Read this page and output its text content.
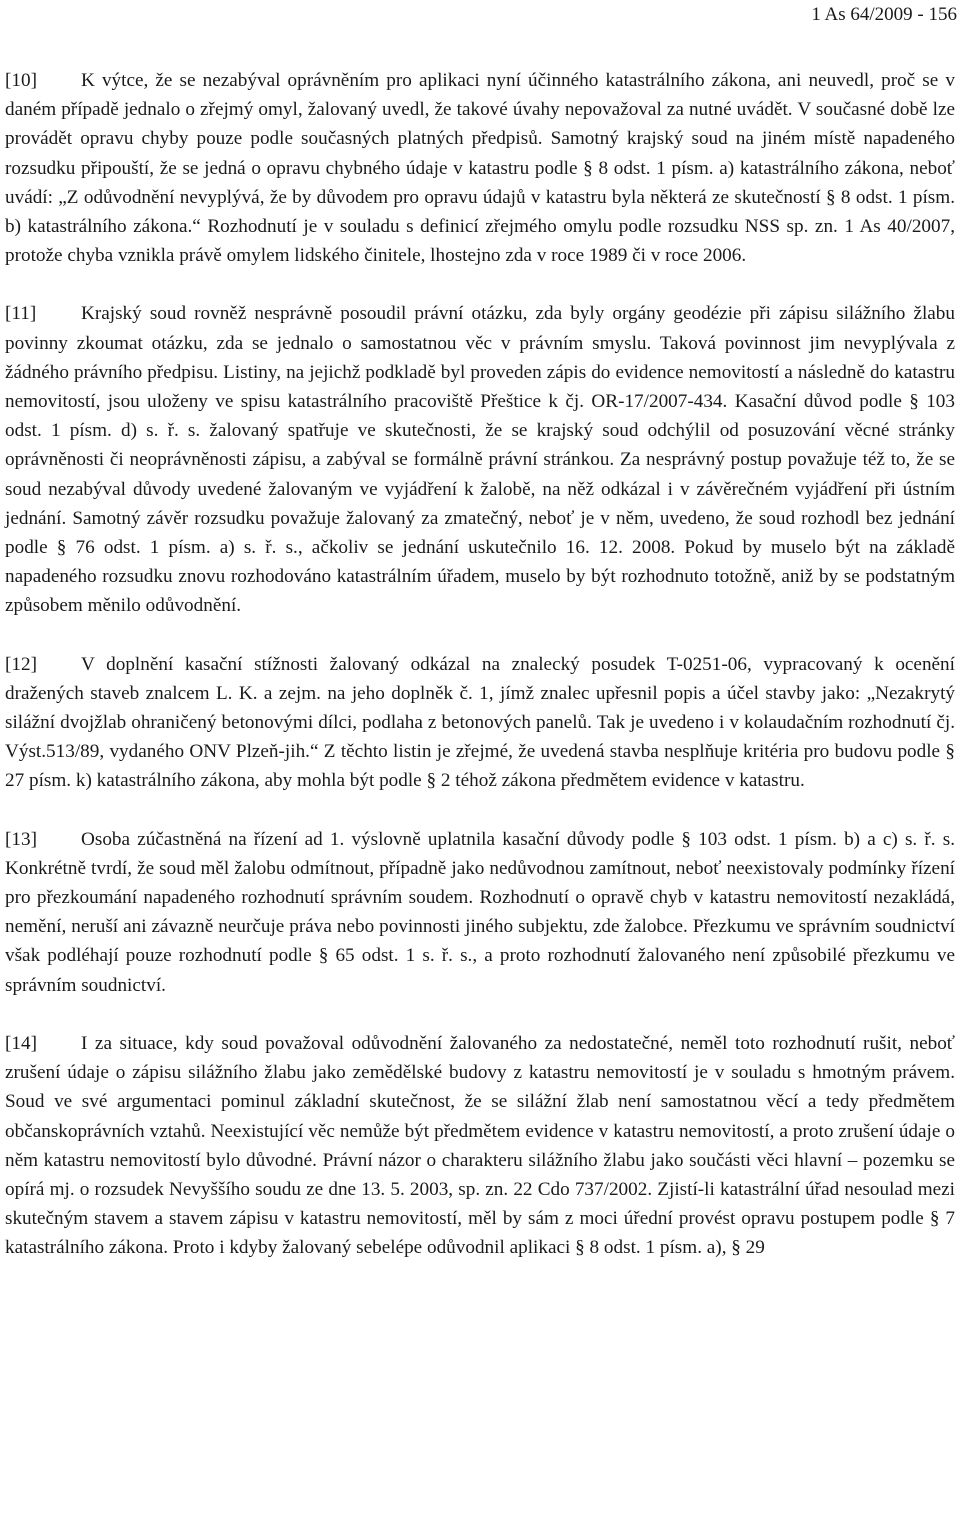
1 As 64/2009 - 156

[10] K výtce, že se nezabýval oprávněním pro aplikaci nyní účinného katastrálního zákona, ani neuvedl, proč se v daném případě jednalo o zřejmý omyl, žalovaný uvedl, že takové úvahy nepovažoval za nutné uvádět. V současné době lze provádět opravu chyby pouze podle současných platných předpisů. Samotný krajský soud na jiném místě napadeného rozsudku připouští, že se jedná o opravu chybného údaje v katastru podle § 8 odst. 1 písm. a) katastrálního zákona, neboť uvádí: „Z odůvodnění nevyplývá, že by důvodem pro opravu údajů v katastru byla některá ze skutečností § 8 odst. 1 písm. b) katastrálního zákona.“ Rozhodnutí je v souladu s definicí zřejmého omylu podle rozsudku NSS sp. zn. 1 As 40/2007, protože chyba vznikla právě omylem lidského činitele, lhostejno zda v roce 1989 či v roce 2006.

[11] Krajský soud rovněž nesprávně posoudil právní otázku, zda byly orgány geodézie při zápisu silážního žlabu povinny zkoumat otázku, zda se jednalo o samostatnou věc v právním smyslu. Taková povinnost jim nevyplývala z žádného právního předpisu. Listiny, na jejichž podkladě byl proveden zápis do evidence nemovitostí a následně do katastru nemovitostí, jsou uloženy ve spisu katastrálního pracoviště Přeštice k čj. OR-17/2007-434. Kasační důvod podle § 103 odst. 1 písm. d) s. ř. s. žalovaný spatřuje ve skutečnosti, že se krajský soud odchýlil od posuzování věcné stránky oprávněnosti či neoprávněnosti zápisu, a zabýval se formálně právní stránkou. Za nesprávný postup považuje též to, že se soud nezabýval důvody uvedené žalovaným ve vyjádření k žalobě, na něž odkázal i v závěrečném vyjádření při ústním jednání. Samotný závěr rozsudku považuje žalovaný za zmatečný, neboť je v něm, uvedeno, že soud rozhodl bez jednání podle § 76 odst. 1 písm. a) s. ř. s., ačkoliv se jednání uskutečnilo 16. 12. 2008. Pokud by muselo být na základě napadeného rozsudku znovu rozhodováno katastrálním úřadem, muselo by být rozhodnuto totožně, aniž by se podstatným způsobem měnilo odůvodnění.

[12] V doplnění kasační stížnosti žalovaný odkázal na znalecký posudek T-0251-06, vypracovaný k ocenění dražených staveb znalcem L. K. a zejm. na jeho doplněk č. 1, jímž znalec upřesnil popis a účel stavby jako: „Nezakrytý silážní dvojžlab ohraničený betonovými dílci, podlaha z betonových panelů. Tak je uvedeno i v kolaudačním rozhodnutí čj. Výst.513/89, vydaného ONV Plzeň-jih.“ Z těchto listin je zřejmé, že uvedená stavba nesplňuje kritéria pro budovu podle § 27 písm. k) katastrálního zákona, aby mohla být podle § 2 téhož zákona předmětem evidence v katastru.

[13] Osoba zúčastněná na řízení ad 1. výslovně uplatnila kasační důvody podle § 103 odst. 1 písm. b) a c) s. ř. s. Konkrétně tvrdí, že soud měl žalobu odmítnout, případně jako nedůvodnou zamítnout, neboť neexistovaly podmínky řízení pro přezkoumání napadeného rozhodnutí správním soudem. Rozhodnutí o opravě chyb v katastru nemovitostí nezakládá, nemění, neruší ani závazně neurčuje práva nebo povinnosti jiného subjektu, zde žalobce. Přezkumu ve správním soudnictví však podléhají pouze rozhodnutí podle § 65 odst. 1 s. ř. s., a proto rozhodnutí žalovaného není způsobilé přezkumu ve správním soudnictví.

[14] I za situace, kdy soud považoval odůvodnění žalovaného za nedostatečné, neměl toto rozhodnutí rušit, neboť zrušení údaje o zápisu silážního žlabu jako zemědělské budovy z katastru nemovitostí je v souladu s hmotným právem. Soud ve své argumentaci pominul základní skutečnost, že se silážní žlab není samostatnou věcí a tedy předmětem občanskoprávních vztahů. Neexistující věc nemůže být předmětem evidence v katastru nemovitostí, a proto zrušení údaje o něm katastru nemovitostí bylo důvodné. Právní názor o charakteru silážního žlabu jako součásti věci hlavní – pozemku se opírá mj. o rozsudek Nevyššího soudu ze dne 13. 5. 2003, sp. zn. 22 Cdo 737/2002. Zjistí-li katastrální úřad nesoulad mezi skutečným stavem a stavem zápisu v katastru nemovitostí, měl by sám z moci úřední provést opravu postupem podle § 7 katastrálního zákona. Proto i kdyby žalovaný sebelépe odůvodnil aplikaci § 8 odst. 1 písm. a), § 29
